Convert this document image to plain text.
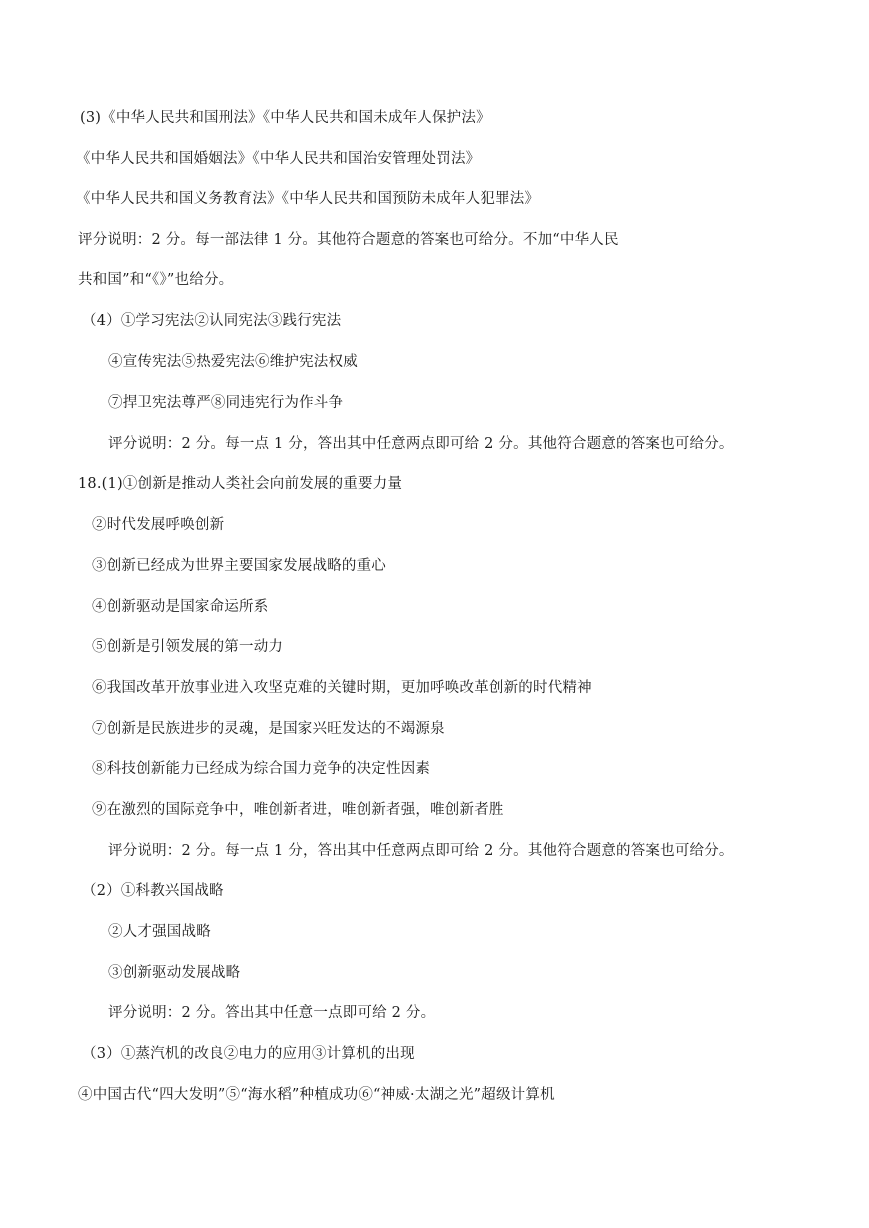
(3)《中华人民共和国刑法》《中华人民共和国未成年人保护法》
《中华人民共和国婚姻法》《中华人民共和国治安管理处罚法》
《中华人民共和国义务教育法》《中华人民共和国预防未成年人犯罪法》
评分说明：2 分。每一部法律 1 分。其他符合题意的答案也可给分。不加“中华人民
共和国”和“《》”也给分。
（4）①学习宪法②认同宪法③践行宪法
④宣传宪法⑤热爱宪法⑥维护宪法权威
⑦捍卫宪法尊严⑧同违宪行为作斗争
评分说明：2 分。每一点 1 分，答出其中任意两点即可给 2 分。其他符合题意的答案也可给分。
18.(1)①创新是推动人类社会向前发展的重要力量
②时代发展呼唤创新
③创新已经成为世界主要国家发展战略的重心
④创新驱动是国家命运所系
⑤创新是引领发展的第一动力
⑥我国改革开放事业进入攻坚克难的关键时期，更加呼唤改革创新的时代精神
⑦创新是民族进步的灵魂，是国家兴旺发达的不竭源泉
⑧科技创新能力已经成为综合国力竞争的决定性因素
⑨在激烈的国际竞争中，唯创新者进，唯创新者强，唯创新者胜
评分说明：2 分。每一点 1 分，答出其中任意两点即可给 2 分。其他符合题意的答案也可给分。
（2）①科教兴国战略
②人才强国战略
③创新驱动发展战略
评分说明：2 分。答出其中任意一点即可给 2 分。
（3）①蒸汽机的改良②电力的应用③计算机的出现
④中国古代“四大发明”⑤“海水稻”种植成功⑥“神威·太湖之光”超级计算机
